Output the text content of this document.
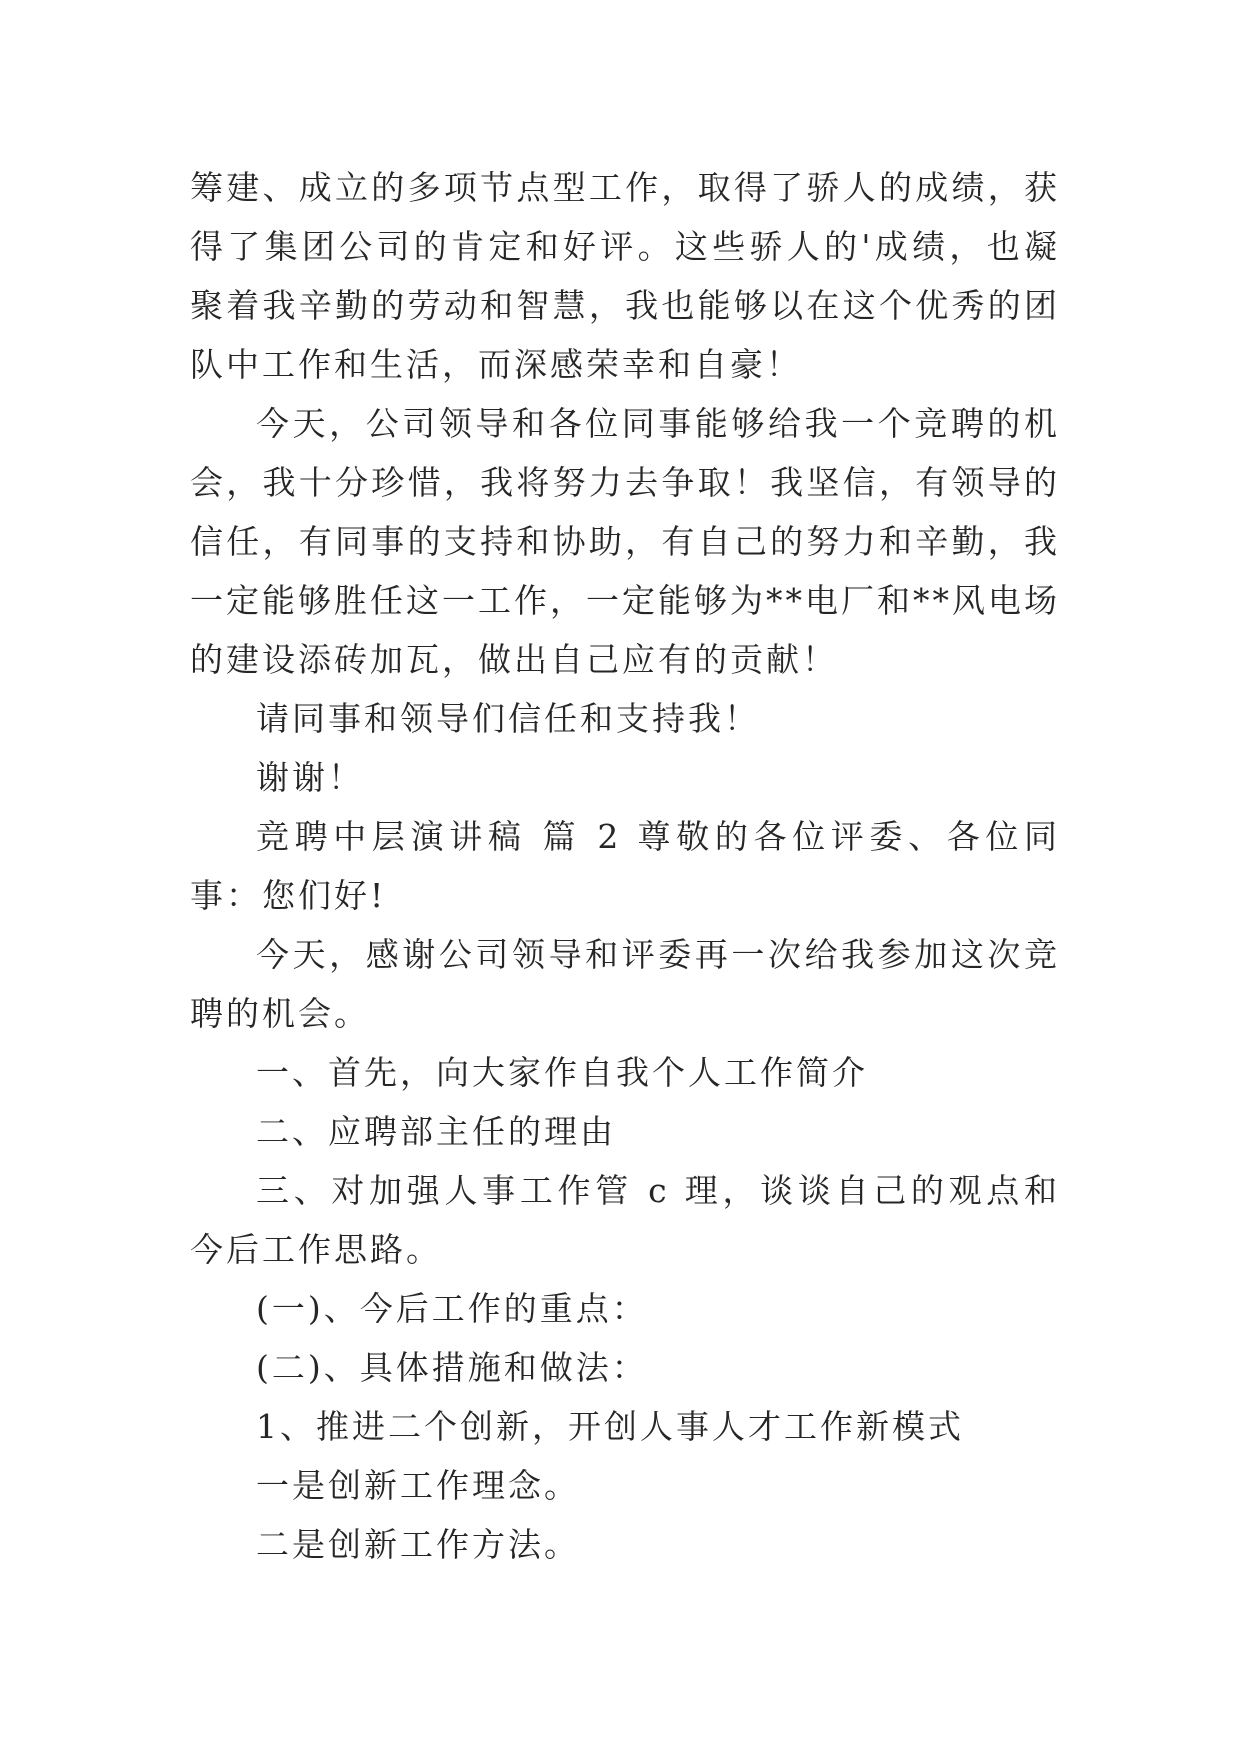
筹建、成立的多项节点型工作，取得了骄人的成绩，获得了集团公司的肯定和好评。这些骄人的'成绩，也凝聚着我辛勤的劳动和智慧，我也能够以在这个优秀的团队中工作和生活，而深感荣幸和自豪！

今天，公司领导和各位同事能够给我一个竞聘的机会，我十分珍惜，我将努力去争取！我坚信，有领导的信任，有同事的支持和协助，有自己的努力和辛勤，我一定能够胜任这一工作，一定能够为**电厂和**风电场的建设添砖加瓦，做出自己应有的贡献！

请同事和领导们信任和支持我！

谢谢！

竞聘中层演讲稿 篇 2 尊敬的各位评委、各位同事：您们好!

今天，感谢公司领导和评委再一次给我参加这次竞聘的机会。

一、首先，向大家作自我个人工作简介

二、应聘部主任的理由

三、对加强人事工作管 c 理，谈谈自己的观点和今后工作思路。

(一)、今后工作的重点：

(二)、具体措施和做法：

1、推进二个创新，开创人事人才工作新模式

一是创新工作理念。

二是创新工作方法。
